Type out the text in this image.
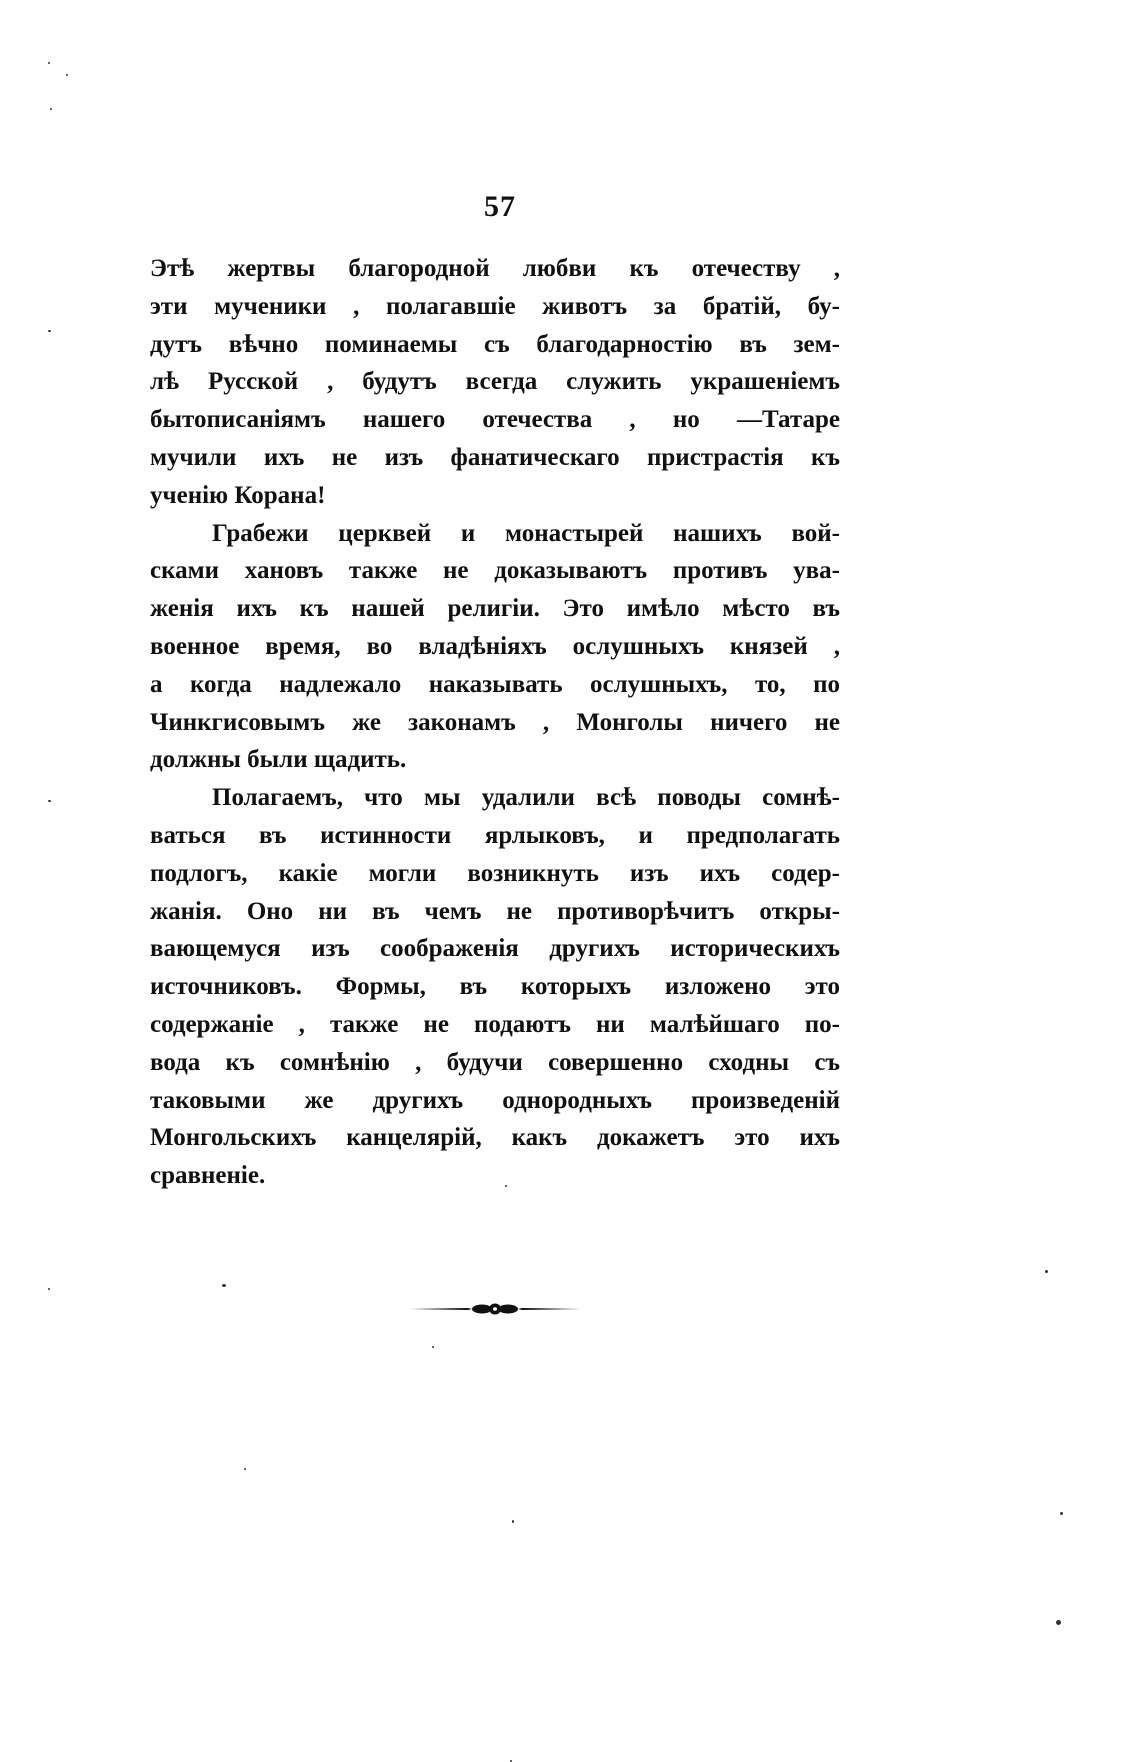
57

Этѣ жертвы благородной любви къ отечеству ,
эти мученики , полагавшіе животъ за братій, бу-
дутъ вѣчно поминаемы съ благодарностію въ зем-
лѣ Русской , будутъ всегда служить украшеніемъ
бытописаніямъ нашего отечества , но —Татаре
мучили ихъ не изъ фанатическаго пристрастія къ
ученію Корана!

Грабежи церквей и монастырей нашихъ вой-
сками хановъ также не доказываютъ противъ ува-
женія ихъ къ нашей религіи. Это имѣло мѣсто въ
военное время, во владѣніяхъ ослушныхъ князей ,
а когда надлежало наказывать ослушныхъ, то, по
Чинкгисовымъ же законамъ , Монголы ничего не
должны были щадить.

Полагаемъ, что мы удалили всѣ поводы сомнѣ-
ваться въ истинности ярлыковъ, и предполагать
подлогъ, какіе могли возникнуть изъ ихъ содер-
жанія. Оно ни въ чемъ не противорѣчитъ откры-
вающемуся изъ соображенія другихъ историческихъ
источниковъ. Формы, въ которыхъ изложено это
содержаніе , также не подаютъ ни малѣйшаго по-
вода къ сомнѣнію , будучи совершенно сходны съ
таковыми же другихъ однородныхъ произведеній
Монгольскихъ канцелярій, какъ докажетъ это ихъ
сравненіе.
